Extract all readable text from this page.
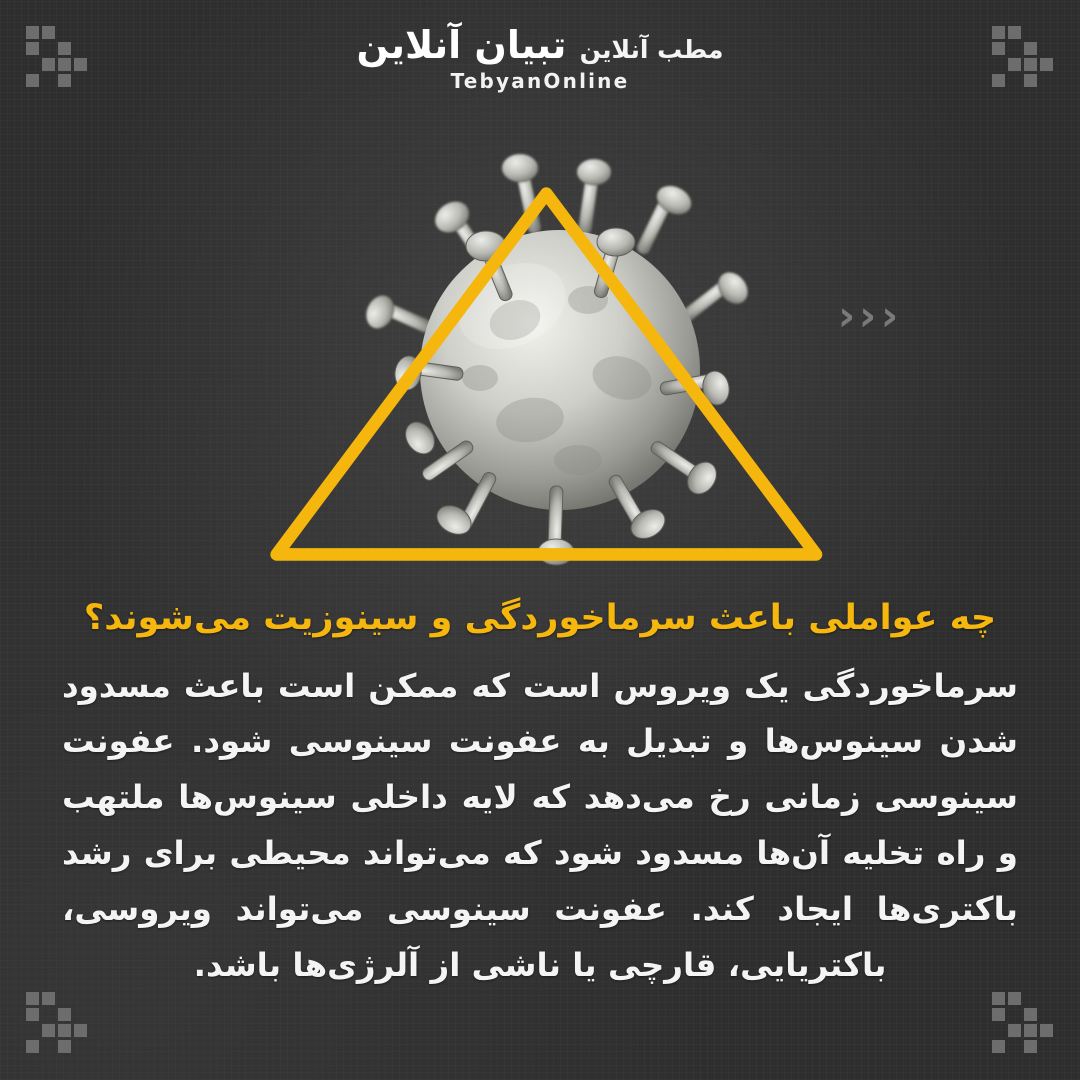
مطب آنلاین تبیان آنلاین
TebyanOnline
› › ›
چه عواملی باعث سرماخوردگی و سینوزیت می‌شوند؟

سرماخوردگی یک ویروس است که ممکن است باعث مسدود شدن سینوس‌ها و تبدیل به عفونت سینوسی شود. عفونت سینوسی زمانی رخ می‌دهد که لایه داخلی سینوس‌ها ملتهب و راه تخلیه آن‌ها مسدود شود که می‌تواند محیطی برای رشد باکتری‌ها ایجاد کند. عفونت سینوسی می‌تواند ویروسی، باکتریایی، قارچی یا ناشی از آلرژی‌ها باشد.
